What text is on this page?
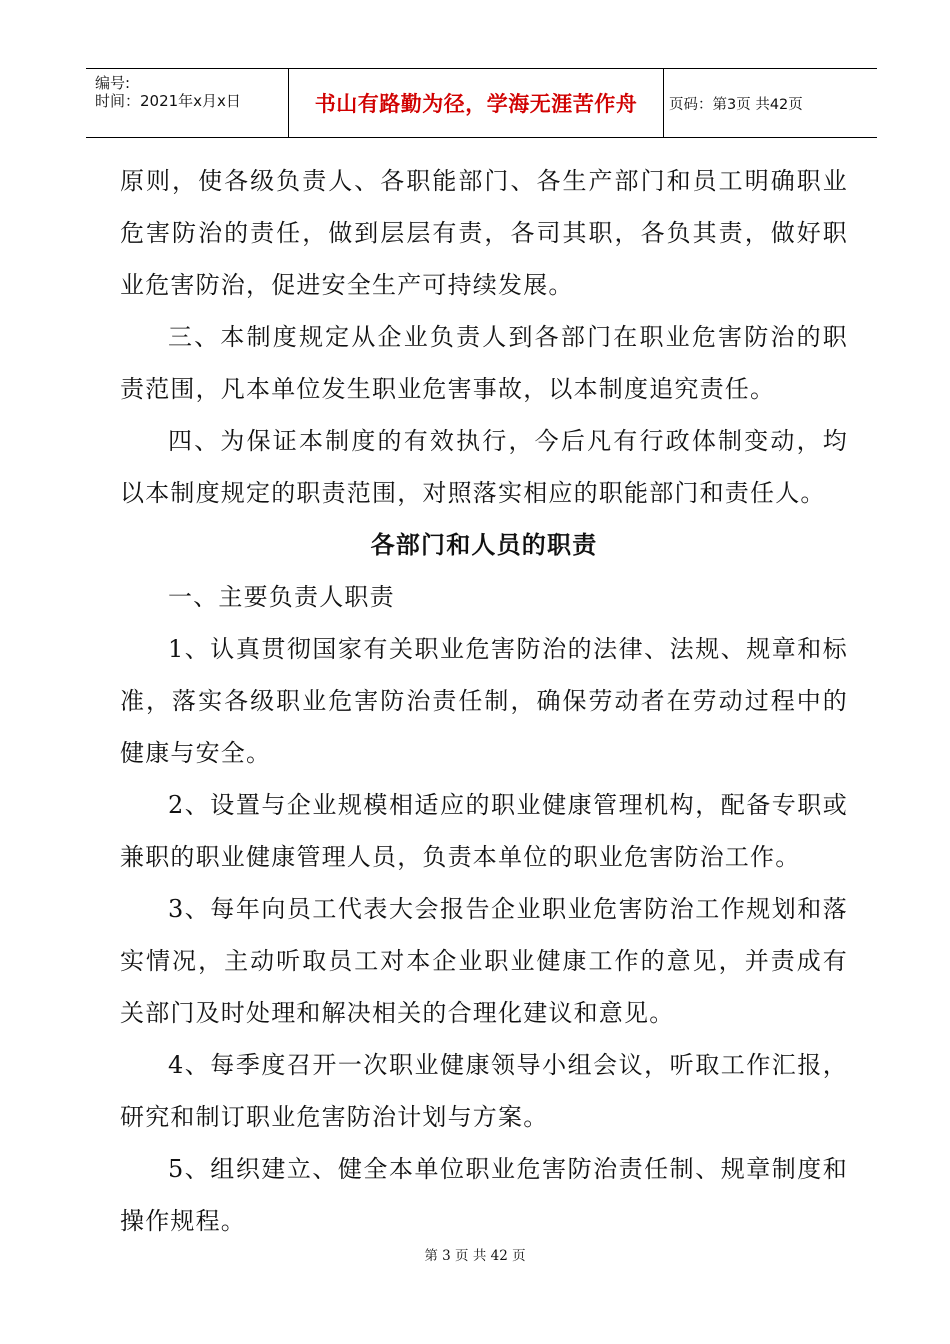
编号:
时间：2021年x月x日	书山有路勤为径，学海无涯苦作舟 页码：第3页 共42页

原则，使各级负责人、各职能部门、各生产部门和员工明确职业危害防治的责任，做到层层有责，各司其职，各负其责，做好职业危害防治，促进安全生产可持续发展。

三、本制度规定从企业负责人到各部门在职业危害防治的职责范围，凡本单位发生职业危害事故，以本制度追究责任。

四、为保证本制度的有效执行，今后凡有行政体制变动，均以本制度规定的职责范围，对照落实相应的职能部门和责任人。

各部门和人员的职责

一、主要负责人职责

1、认真贯彻国家有关职业危害防治的法律、法规、规章和标准，落实各级职业危害防治责任制，确保劳动者在劳动过程中的健康与安全。

2、设置与企业规模相适应的职业健康管理机构，配备专职或兼职的职业健康管理人员，负责本单位的职业危害防治工作。

3、每年向员工代表大会报告企业职业危害防治工作规划和落实情况，主动听取员工对本企业职业健康工作的意见，并责成有关部门及时处理和解决相关的合理化建议和意见。

4、每季度召开一次职业健康领导小组会议，听取工作汇报，研究和制订职业危害防治计划与方案。

5、组织建立、健全本单位职业危害防治责任制、规章制度和操作规程。

第 3 页 共 42 页
